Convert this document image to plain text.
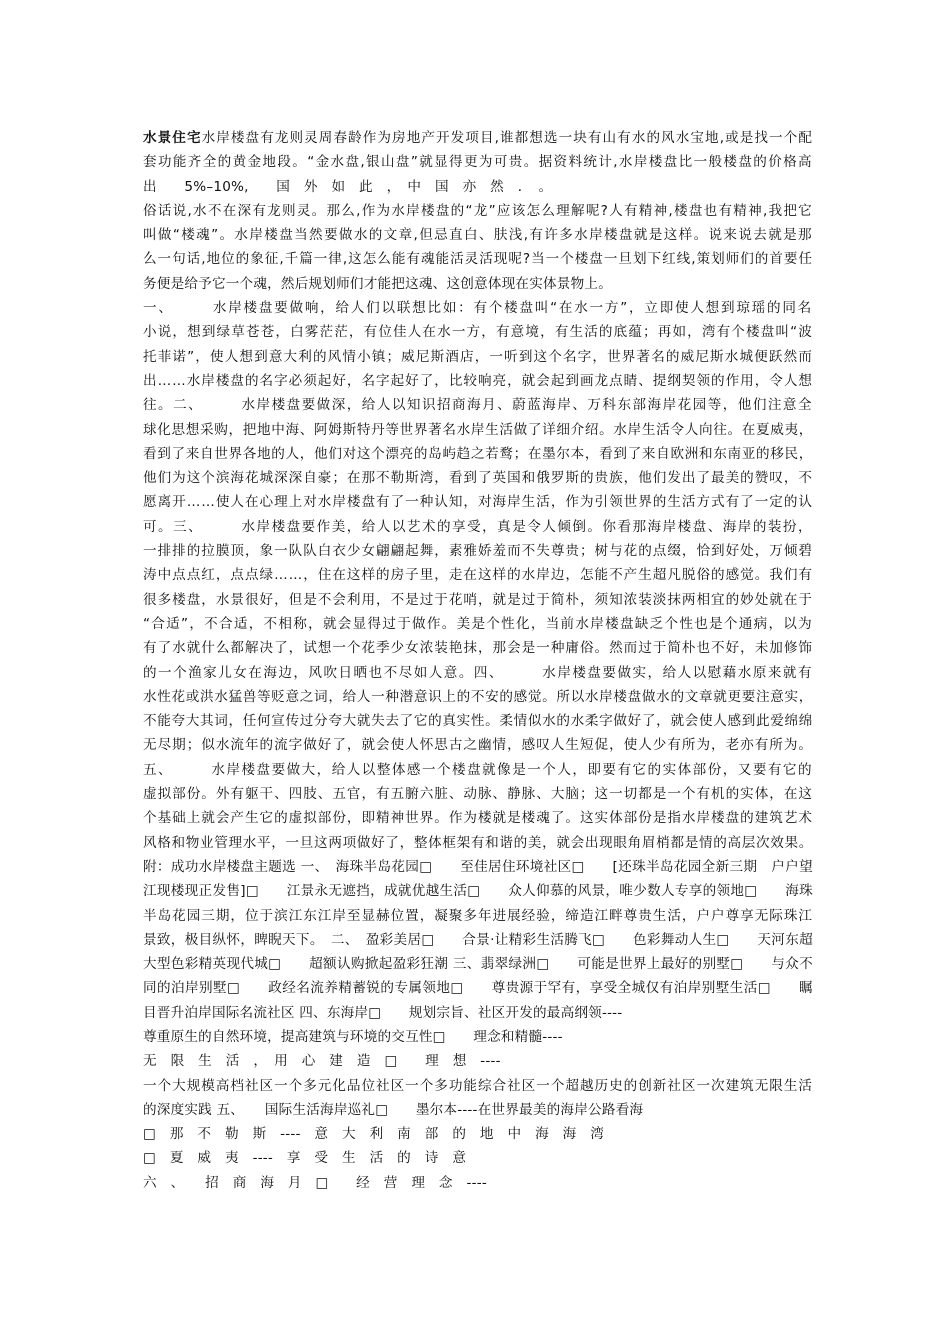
水景住宅水岸楼盘有龙则灵周春龄作为房地产开发项目,谁都想选一块有山有水的风水宝地,或是找一个配
套功能齐全的黄金地段。“金水盘,银山盘”就显得更为可贵。据资料统计,水岸楼盘比一般楼盘的价格高
出　　5%–10%,　　国　外　如　此　，　中　国　亦　然　．　。
俗话说,水不在深有龙则灵。那么,作为水岸楼盘的“龙”应该怎么理解呢?人有精神,楼盘也有精神,我把它
叫做“楼魂”。水岸楼盘当然要做水的文章,但忌直白、肤浅,有许多水岸楼盘就是这样。说来说去就是那
么一句话,地位的象征,千篇一律,这怎么能有魂能活灵活现呢?当一个楼盘一旦划下红线,策划师们的首要任
务便是给予它一个魂，然后规划师们才能把这魂、这创意体现在实体景物上。
一、　　　水岸楼盘要做响，给人们以联想比如：有个楼盘叫“在水一方”，立即使人想到琼瑶的同名
小说，想到绿草苍苍，白雾茫茫，有位佳人在水一方，有意境，有生活的底蕴；再如，湾有个楼盘叫“波
托菲诺”，使人想到意大利的风情小镇；威尼斯酒店，一听到这个名字，世界著名的威尼斯水城便跃然而
出……水岸楼盘的名字必须起好，名字起好了，比较响亮，就会起到画龙点睛、提纲契领的作用，令人想
往。二、　　　水岸楼盘要做深，给人以知识招商海月、蔚蓝海岸、万科东部海岸花园等，他们注意全
球化思想采购，把地中海、阿姆斯特丹等世界著名水岸生活做了详细介绍。水岸生活令人向往。在夏威夷，
看到了来自世界各地的人，他们对这个漂亮的岛屿趋之若鹜；在墨尔本，看到了来自欧洲和东南亚的移民，
他们为这个滨海花城深深自豪；在那不勒斯湾，看到了英国和俄罗斯的贵族，他们发出了最美的赞叹，不
愿离开……使人在心理上对水岸楼盘有了一种认知，对海岸生活，作为引领世界的生活方式有了一定的认
可。三、　　　水岸楼盘要作美，给人以艺术的享受，真是令人倾倒。你看那海岸楼盘、海岸的装扮，
一排排的拉膜顶，象一队队白衣少女翩翩起舞，素雅娇羞而不失尊贵；树与花的点缀，恰到好处，万倾碧
涛中点点红，点点绿……，住在这样的房子里，走在这样的水岸边，怎能不产生超凡脱俗的感觉。我们有
很多楼盘，水景很好，但是不会利用，不是过于花哨，就是过于简朴，须知浓装淡抹两相宜的妙处就在于
“合适”，不合适，不相称，就会显得过于做作。美是个性化，当前水岸楼盘缺乏个性也是个通病，以为
有了水就什么都解决了，试想一个花季少女浓装艳抹，那会是一种庸俗。然而过于简朴也不好，未加修饰
的一个渔家儿女在海边，风吹日晒也不尽如人意。四、　　　水岸楼盘要做实，给人以慰藉水原来就有
水性花或洪水猛兽等贬意之词，给人一种潜意识上的不安的感觉。所以水岸楼盘做水的文章就更要注意实，
不能夸大其词，任何宣传过分夸大就失去了它的真实性。柔情似水的水柔字做好了，就会使人感到此爱绵绵
无尽期；似水流年的流字做好了，就会使人怀思古之幽情，感叹人生短促，使人少有所为，老亦有所为。
五、　　　水岸楼盘要做大，给人以整体感一个楼盘就像是一个人，即要有它的实体部份，又要有它的
虚拟部份。外有躯干、四肢、五官，有五腑六脏、动脉、静脉、大脑；这一切都是一个有机的实体，在这
个基础上就会产生它的虚拟部份，即精神世界。作为楼就是楼魂了。这实体部份是指水岸楼盘的建筑艺术
风格和物业管理水平，一旦这两项做好了，整体框架有和谐的美，就会出现眼角眉梢都是情的高层次效果。
附：成功水岸楼盘主题选 一、　海珠半岛花园□　　至佳居住环境社区□　　[还珠半岛花园全新三期　户户望
江现楼现正发售]□　　江景永无遮挡，成就优越生活□　　众人仰慕的风景，唯少数人专享的领地□　　海珠
半岛花园三期，位于滨江东江岸至显赫位置，凝聚多年进展经验，缔造江畔尊贵生活，户户尊享无际珠江
景致，极目纵怀，睥睨天下。　二、　盈彩美居□　　合景·让精彩生活腾飞□　　色彩舞动人生□　　天河东超
大型色彩精英现代城□　　超额认购掀起盈彩狂潮 三、翡翠绿洲□　　可能是世界上最好的别墅□　　与众不
同的泊岸别墅□　　政经名流养精蓄锐的专属领地□　　尊贵源于罕有，享受全城仅有泊岸别墅生活□　　瞩
目晋升泊岸国际名流社区 四、东海岸□　　规划宗旨、社区开发的最高纲领----
尊重原生的自然环境，提高建筑与环境的交互性□　　理念和精髓----
无　限　生　活　，　用　心　建　造　□　　理　想　----
一个大规模高档社区一个多元化品位社区一个多功能综合社区一个超越历史的创新社区一次建筑无限生活
的深度实践 五、　　国际生活海岸巡礼□　　墨尔本----在世界最美的海岸公路看海
□　那　不　勒　斯　----　意　大　利　南　部　的　地　中　海　海　湾
□　夏　威　夷　----　享　受　生　活　的　诗　意
六　、　　招　商　海　月　□　　经　营　理　念　----
